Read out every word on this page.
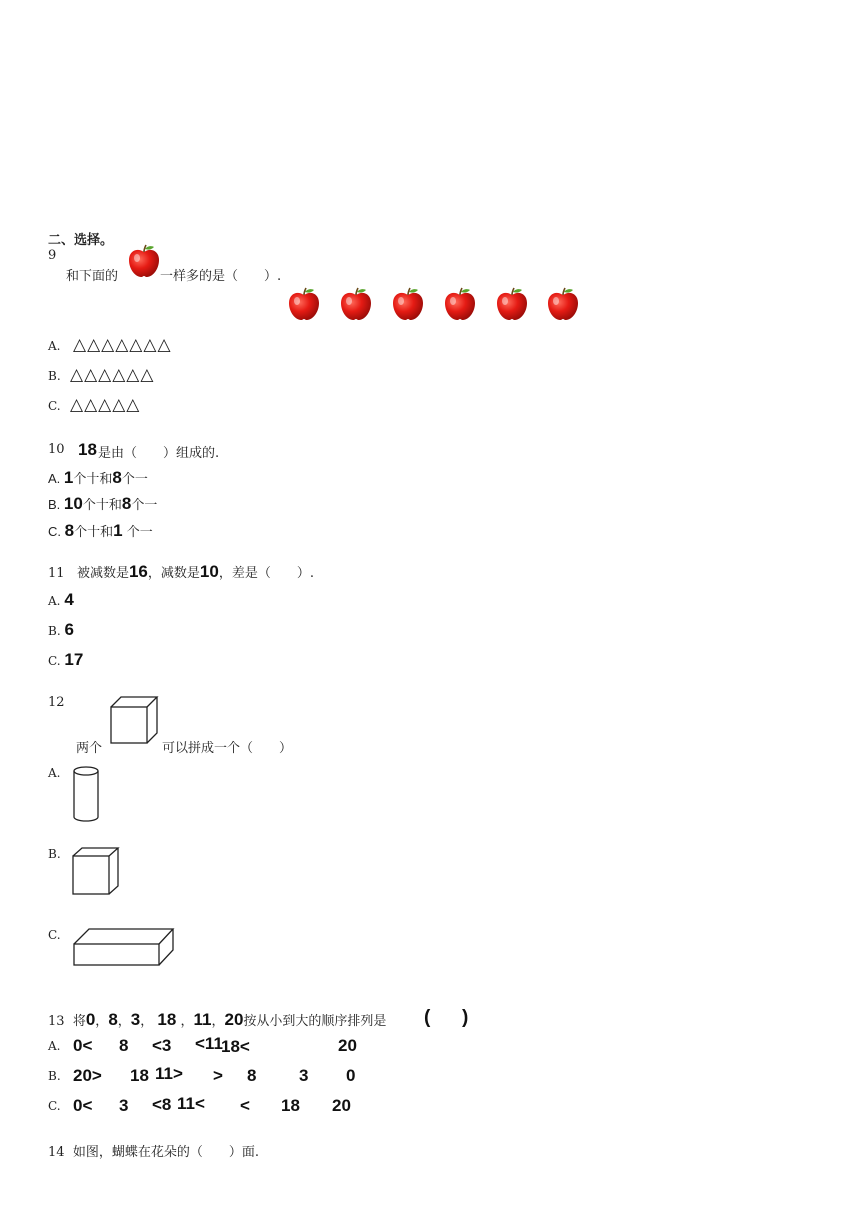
二、选择。
9
和下面的	一样多的是（　　）.
A. △△△△△△△
B. △△△△△△
C. △△△△△
10 18 是由（　　）组成的.
A. 1个十和8个一
B. 10个十和8个一
C. 8个十和1 个一
11 被减数是16，减数是10，差是（　　）.
A. 4
B. 6
C. 17
12
两个	可以拼成一个（　　）
A.
B.
C.
13 将0，8，3， 18 ，11，20按从小到大的顺序排列是 ( )
A. 0< 8 <3 <11
18<	20
B. 20> 18 11> > 8	3 0
C. 0< 3 <8 11< < 18 20
14 如图，蝴蝶在花朵的（　　）面.
